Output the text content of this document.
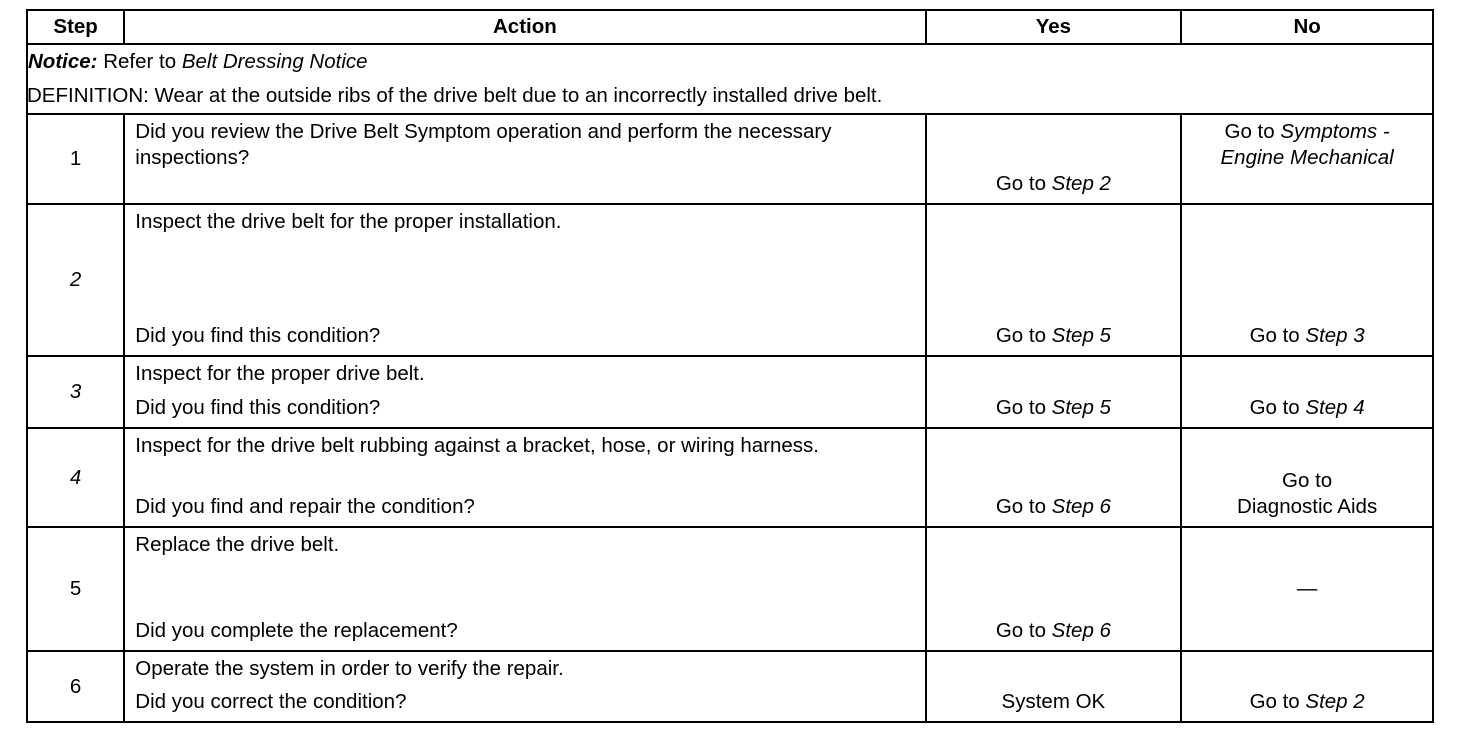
Step	Action	Yes	No

Notice: Refer to Belt Dressing Notice
DEFINITION: Wear at the outside ribs of the drive belt due to an incorrectly installed drive belt.			

1	Did you review the Drive Belt Symptom operation and perform the necessary inspections?	Go to Step 2	Go to Symptoms - Engine Mechanical

2	Inspect the drive belt for the proper installation.
Did you find this condition?	Go to Step 5	Go to Step 3

3	Inspect for the proper drive belt.
Did you find this condition?	Go to Step 5	Go to Step 4

4	Inspect for the drive belt rubbing against a bracket, hose, or wiring harness.
Did you find and repair the condition?	Go to Step 6	Go to
Diagnostic Aids

5	Replace the drive belt.
Did you complete the replacement?	Go to Step 6	—
6	Operate the system in order to verify the repair.
Did you correct the condition?	System OK	Go to Step 2
